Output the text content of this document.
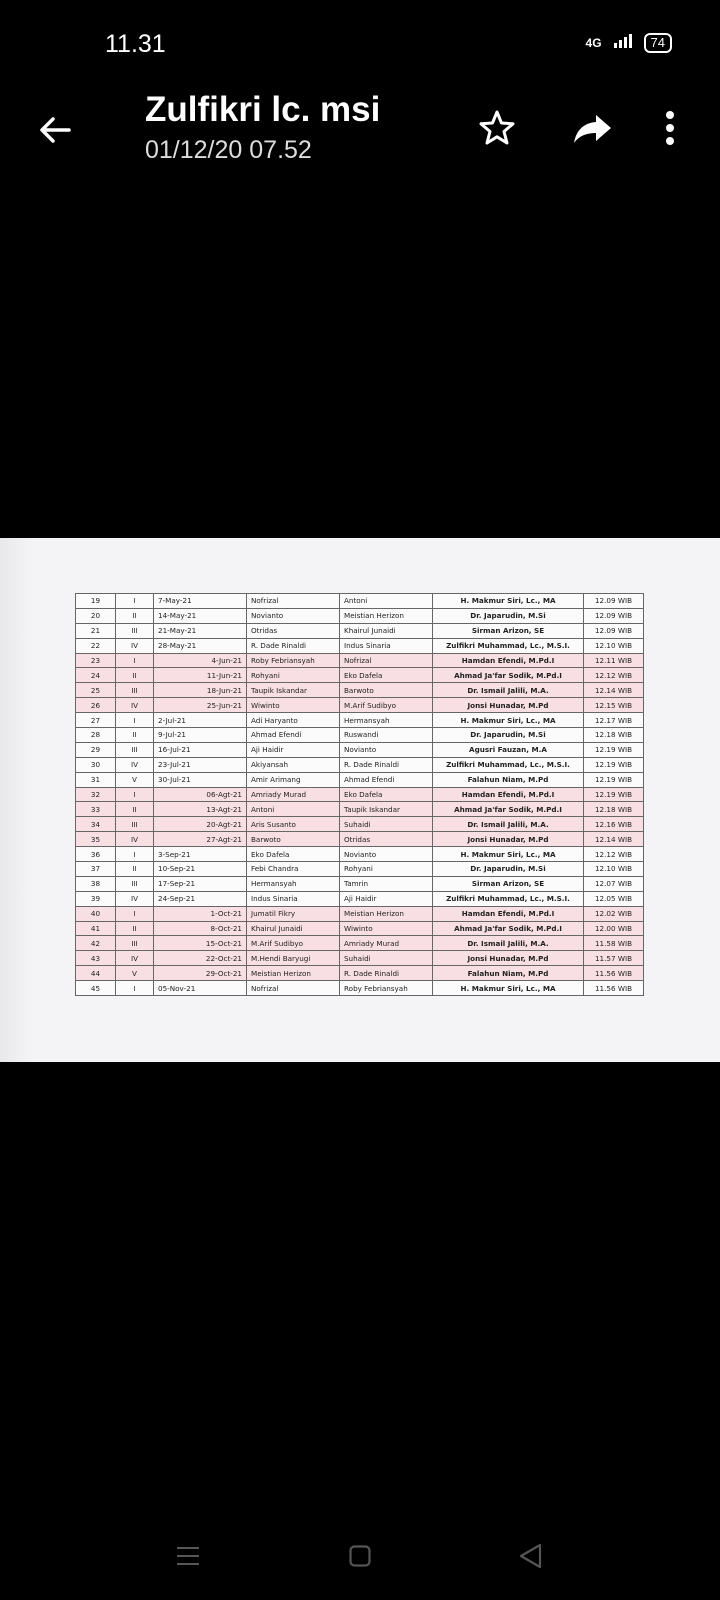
11.31	4G	74
Zulfikri lc. msi
01/12/20 07.52
19	I	7-May-21	Nofrizal	Antoni	H. Makmur Siri, Lc., MA	12.09 WIB
20	II	14-May-21	Novianto	Meistian Herizon	Dr. Japarudin, M.Si	12.09 WIB
21	III	21-May-21	Otridas	Khairul Junaidi	Sirman Arizon, SE	12.09 WIB
22	IV	28-May-21	R. Dade Rinaldi	Indus Sinaria	Zulfikri Muhammad, Lc., M.S.I.	12.10 WIB
23	I	4-Jun-21	Roby Febriansyah	Nofrizal	Hamdan Efendi, M.Pd.I	12.11 WIB
24	II	11-Jun-21	Rohyani	Eko Dafela	Ahmad Ja'far Sodik, M.Pd.I	12.12 WIB
25	III	18-Jun-21	Taupik Iskandar	Barwoto	Dr. Ismail Jalili, M.A.	12.14 WIB
26	IV	25-Jun-21	Wiwinto	M.Arif Sudibyo	Jonsi Hunadar, M.Pd	12.15 WIB
27	I	2-Jul-21	Adi Haryanto	Hermansyah	H. Makmur Siri, Lc., MA	12.17 WIB
28	II	9-Jul-21	Ahmad Efendi	Ruswandi	Dr. Japarudin, M.Si	12.18 WIB
29	III	16-Jul-21	Aji Haidir	Novianto	Agusri Fauzan, M.A	12.19 WIB
30	IV	23-Jul-21	Akiyansah	R. Dade Rinaldi	Zulfikri Muhammad, Lc., M.S.I.	12.19 WIB
31	V	30-Jul-21	Amir Arimang	Ahmad Efendi	Falahun Niam, M.Pd	12.19 WIB
32	I	06-Agt-21	Amriady Murad	Eko Dafela	Hamdan Efendi, M.Pd.I	12.19 WIB
33	II	13-Agt-21	Antoni	Taupik Iskandar	Ahmad Ja'far Sodik, M.Pd.I	12.18 WIB
34	III	20-Agt-21	Aris Susanto	Suhaidi	Dr. Ismail Jalili, M.A.	12.16 WIB
35	IV	27-Agt-21	Barwoto	Otridas	Jonsi Hunadar, M.Pd	12.14 WIB
36	I	3-Sep-21	Eko Dafela	Novianto	H. Makmur Siri, Lc., MA	12.12 WIB
37	II	10-Sep-21	Febi Chandra	Rohyani	Dr. Japarudin, M.Si	12.10 WIB
38	III	17-Sep-21	Hermansyah	Tamrin	Sirman Arizon, SE	12.07 WIB
39	IV	24-Sep-21	Indus Sinaria	Aji Haidir	Zulfikri Muhammad, Lc., M.S.I.	12.05 WIB
40	I	1-Oct-21	Jumatil Fikry	Meistian Herizon	Hamdan Efendi, M.Pd.I	12.02 WIB
41	II	8-Oct-21	Khairul Junaidi	Wiwinto	Ahmad Ja'far Sodik, M.Pd.I	12.00 WIB
42	III	15-Oct-21	M.Arif Sudibyo	Amriady Murad	Dr. Ismail Jalili, M.A.	11.58 WIB
43	IV	22-Oct-21	M.Hendi Baryugi	Suhaidi	Jonsi Hunadar, M.Pd	11.57 WIB
44	V	29-Oct-21	Meistian Herizon	R. Dade Rinaldi	Falahun Niam, M.Pd	11.56 WIB
45	I	05-Nov-21	Nofrizal	Roby Febriansyah	H. Makmur Siri, Lc., MA	11.56 WIB
